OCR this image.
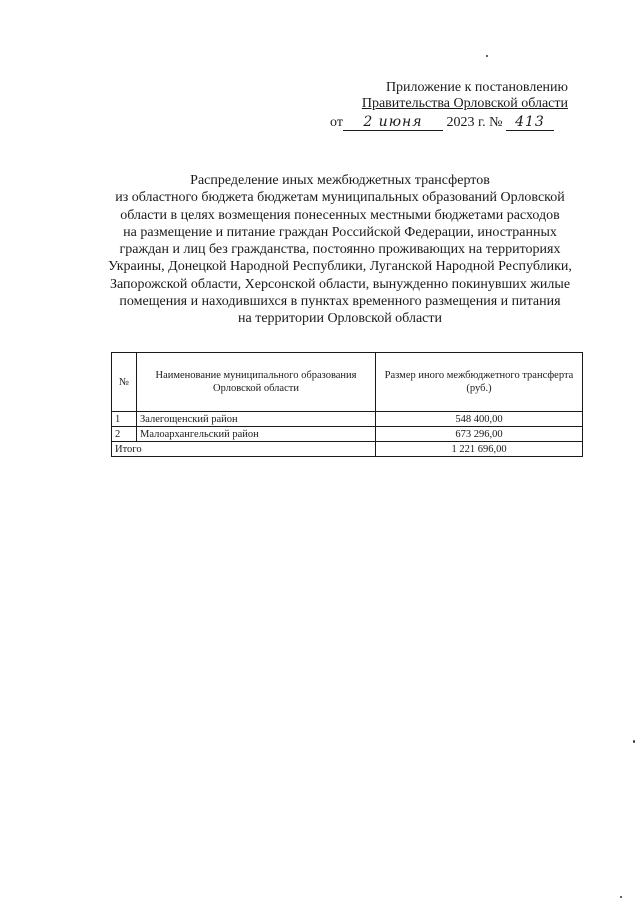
Приложение к постановлению
Правительства Орловской области
от 2 июня 2023 г. № 413
Распределение иных межбюджетных трансфертов
из областного бюджета бюджетам муниципальных образований Орловской
области в целях возмещения понесенных местными бюджетами расходов
на размещение и питание граждан Российской Федерации, иностранных
граждан и лиц без гражданства, постоянно проживающих на территориях
Украины, Донецкой Народной Республики, Луганской Народной Республики,
Запорожской области, Херсонской области, вынужденно покинувших жилые
помещения и находившихся в пунктах временного размещения и питания
на территории Орловской области
№	Наименование муниципального образования Орловской области	Размер иного межбюджетного трансферта (руб.)
1	Залегощенский район	548 400,00
2	Малоархангельский район	673 296,00
Итого		1 221 696,00
